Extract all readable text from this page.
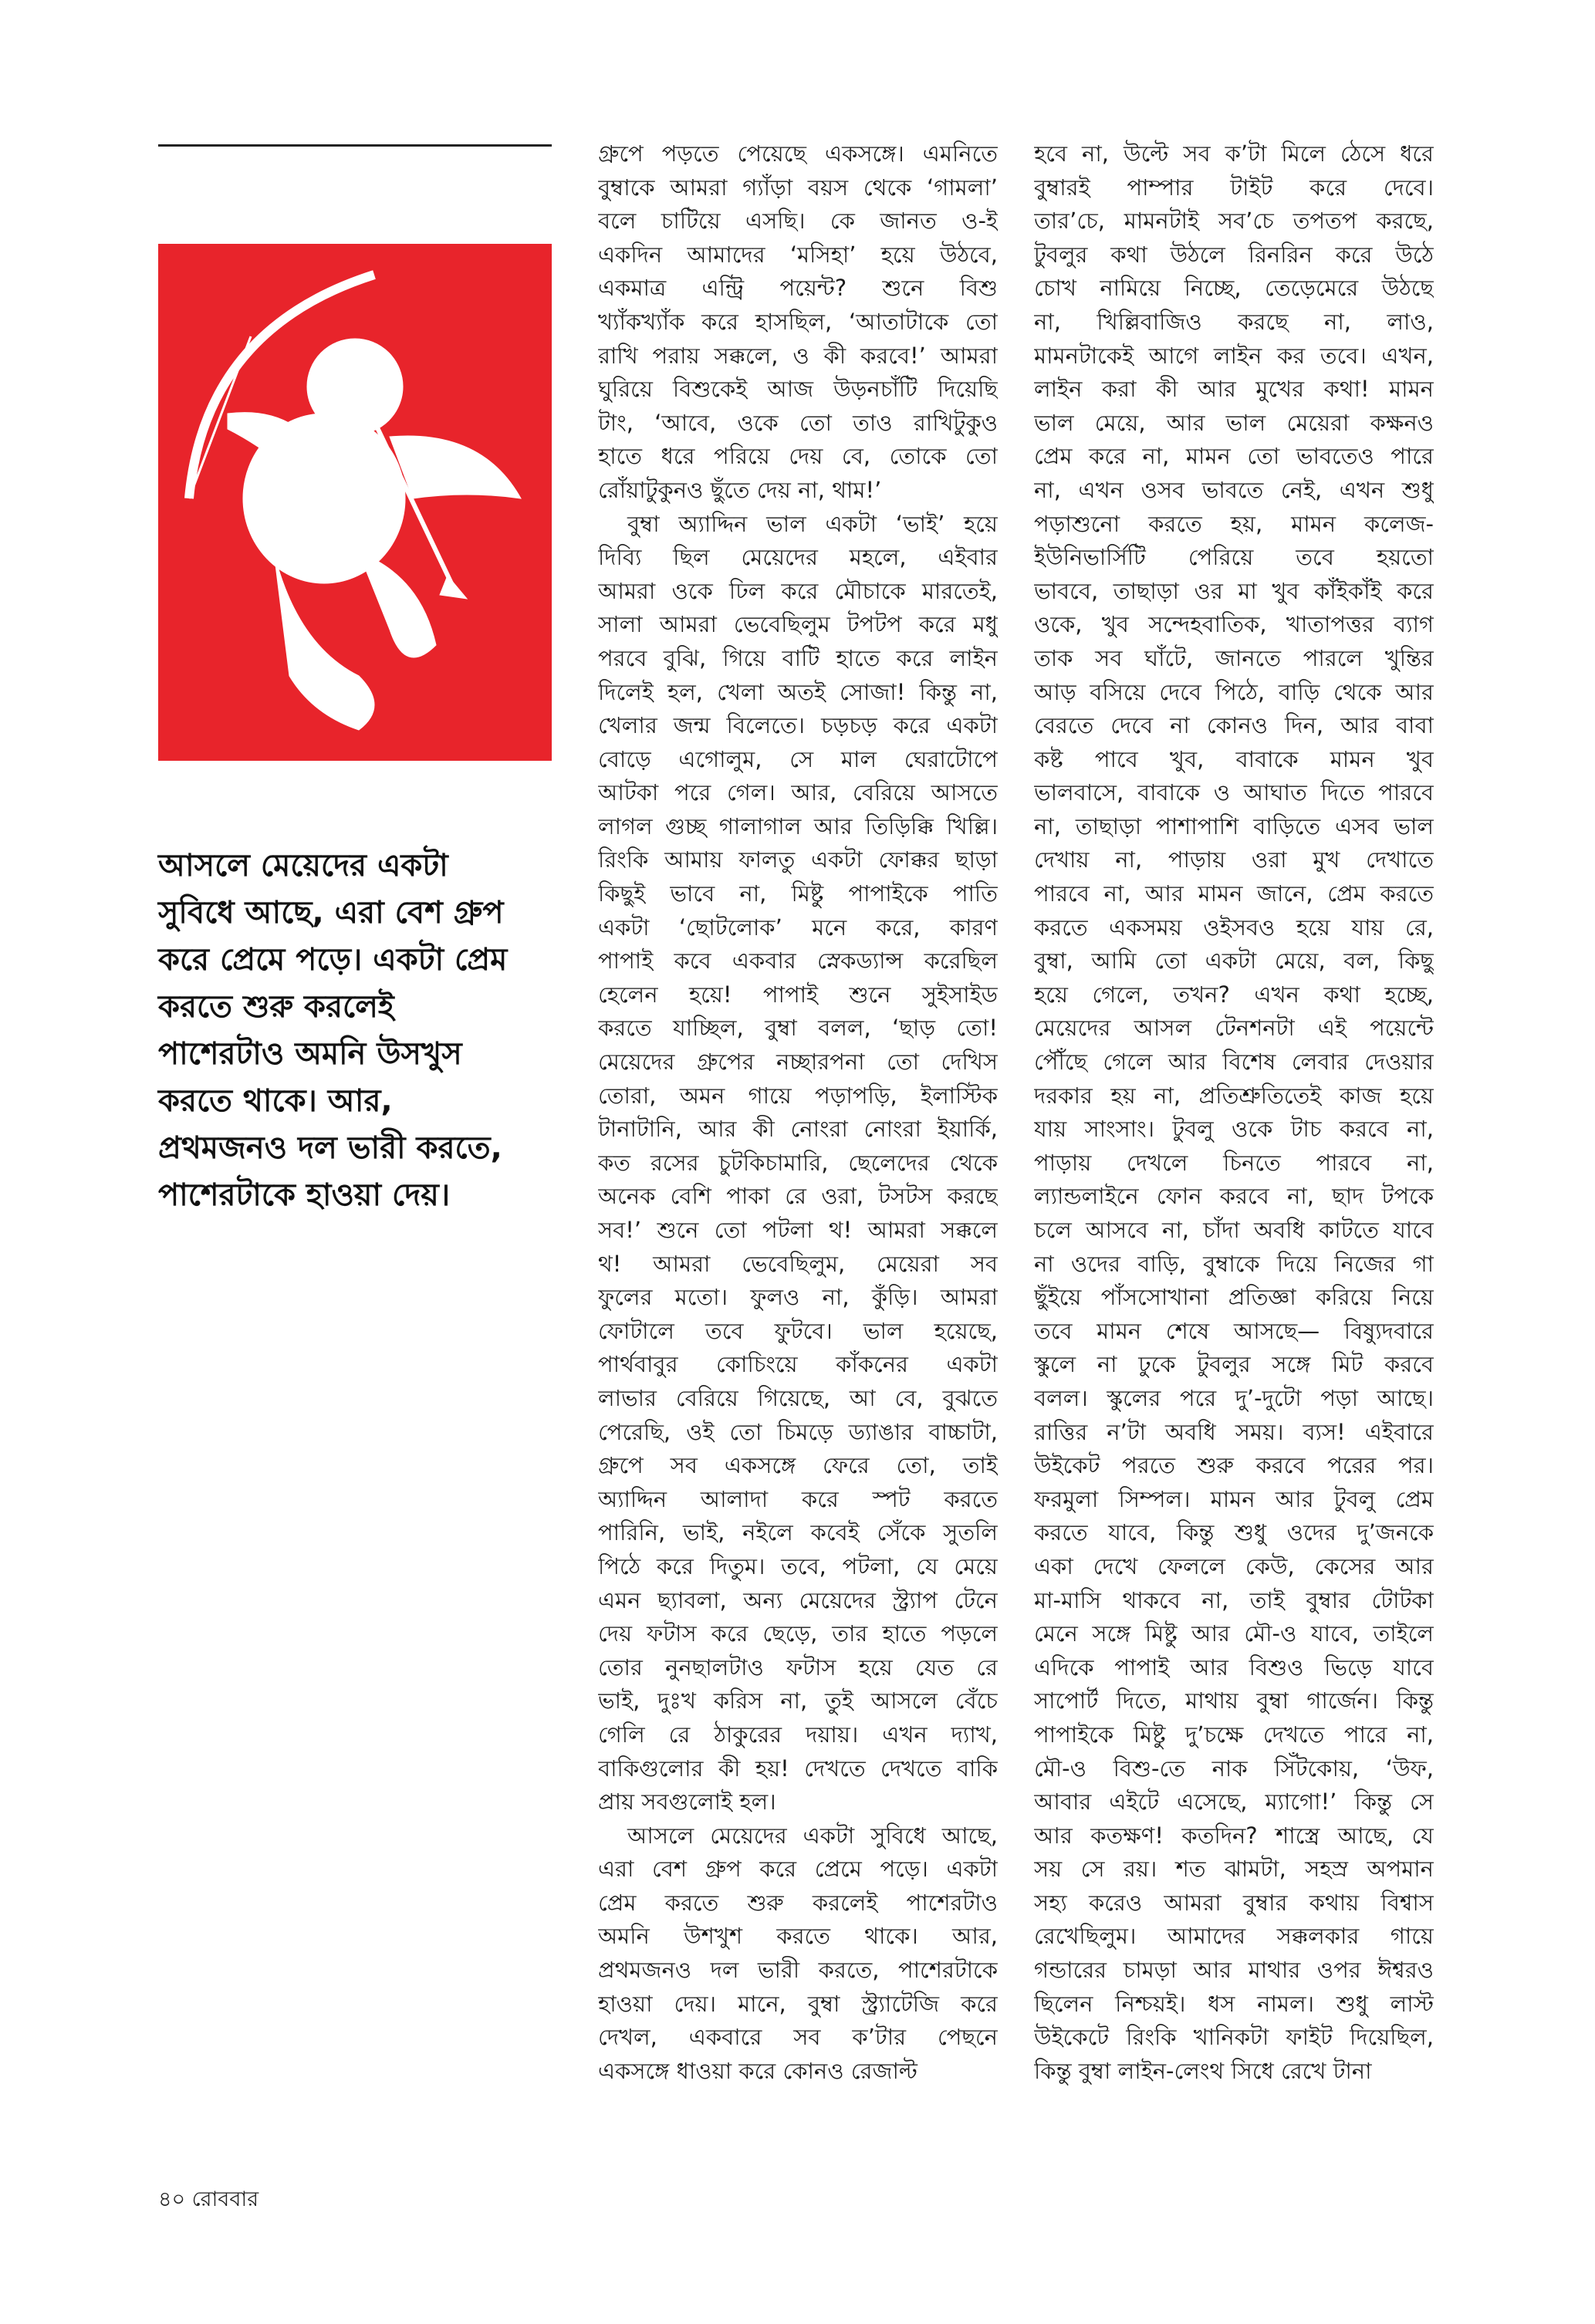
আসলে মেয়েদের একটা
সুবিধে আছে, এরা বেশ গ্রুপ
করে প্রেমে পড়ে। একটা প্রেম
করতে শুরু করলেই
পাশেরটাও অমনি উসখুস
করতে থাকে। আর,
প্রথমজনও দল ভারী করতে,
পাশেরটাকে হাওয়া দেয়।
গ্রুপে পড়তে পেয়েছে একসঙ্গে। এমনিতে
বুম্বাকে আমরা গ্যাঁড়া বয়স থেকে ‘গামলা’
বলে চাটিয়ে এসছি। কে জানত ও-ই
একদিন আমাদের ‘মসিহা’ হয়ে উঠবে,
একমাত্র এন্ট্রি পয়েন্ট? শুনে বিশু
খ্যাঁকখ্যাঁক করে হাসছিল, ‘আতাটাকে তো
রাখি পরায় সক্কলে, ও কী করবে!’ আমরা
ঘুরিয়ে বিশুকেই আজ উড়নচাঁটি দিয়েছি
টাং, ‘আবে, ওকে তো তাও রাখিটুকুও
হাতে ধরে পরিয়ে দেয় বে, তোকে তো
রোঁয়াটুকুনও ছুঁতে দেয় না, থাম!’
বুম্বা অ্যাদ্দিন ভাল একটা ‘ভাই’ হয়ে
দিব্যি ছিল মেয়েদের মহলে, এইবার
আমরা ওকে ঢিল করে মৌচাকে মারতেই,
সালা আমরা ভেবেছিলুম টপটপ করে মধু
পরবে বুঝি, গিয়ে বাটি হাতে করে লাইন
দিলেই হল, খেলা অতই সোজা! কিন্তু না,
খেলার জন্ম বিলেতে। চড়চড় করে একটা
বোড়ে এগোলুম, সে মাল ঘেরাটোপে
আটকা পরে গেল। আর, বেরিয়ে আসতে
লাগল গুচ্ছ গালাগাল আর তিড়িক্কি খিল্লি।
রিংকি আমায় ফালতু একটা ফোক্কর ছাড়া
কিছুই ভাবে না, মিষ্টু পাপাইকে পাতি
একটা ‘ছোটলোক’ মনে করে, কারণ
পাপাই কবে একবার স্নেকড্যান্স করেছিল
হেলেন হয়ে! পাপাই শুনে সুইসাইড
করতে যাচ্ছিল, বুম্বা বলল, ‘ছাড় তো!
মেয়েদের গ্রুপের নচ্ছারপনা তো দেখিস
তোরা, অমন গায়ে পড়াপড়ি, ইলাস্টিক
টানাটানি, আর কী নোংরা নোংরা ইয়ার্কি,
কত রসের চুটকিচামারি, ছেলেদের থেকে
অনেক বেশি পাকা রে ওরা, টসটস করছে
সব!’ শুনে তো পটলা থ! আমরা সক্কলে
থ! আমরা ভেবেছিলুম, মেয়েরা সব
ফুলের মতো। ফুলও না, কুঁড়ি। আমরা
ফোটালে তবে ফুটবে। ভাল হয়েছে,
পার্থবাবুর কোচিংয়ে কাঁকনের একটা
লাভার বেরিয়ে গিয়েছে, আ বে, বুঝতে
পেরেছি, ওই তো চিমড়ে ড্যাঙার বাচ্চাটা,
গ্রুপে সব একসঙ্গে ফেরে তো, তাই
অ্যাদ্দিন আলাদা করে স্পট করতে
পারিনি, ভাই, নইলে কবেই সেঁকে সুতলি
পিঠে করে দিতুম। তবে, পটলা, যে মেয়ে
এমন ছ্যাবলা, অন্য মেয়েদের স্ট্র্যাপ টেনে
দেয় ফটাস করে ছেড়ে, তার হাতে পড়লে
তোর নুনছালটাও ফটাস হয়ে যেত রে
ভাই, দুঃখ করিস না, তুই আসলে বেঁচে
গেলি রে ঠাকুরের দয়ায়। এখন দ্যাখ,
বাকিগুলোর কী হয়! দেখতে দেখতে বাকি
প্রায় সবগুলোই হল।
আসলে মেয়েদের একটা সুবিধে আছে,
এরা বেশ গ্রুপ করে প্রেমে পড়ে। একটা
প্রেম করতে শুরু করলেই পাশেরটাও
অমনি উশখুশ করতে থাকে। আর,
প্রথমজনও দল ভারী করতে, পাশেরটাকে
হাওয়া দেয়। মানে, বুম্বা স্ট্র্যাটেজি করে
দেখল, একবারে সব ক’টার পেছনে
একসঙ্গে ধাওয়া করে কোনও রেজাল্ট
হবে না, উল্টে সব ক’টা মিলে ঠেসে ধরে
বুম্বারই পাম্পার টাইট করে দেবে।
তার’চে, মামনটাই সব’চে তপতপ করছে,
টুবলুর কথা উঠলে রিনরিন করে উঠে
চোখ নামিয়ে নিচ্ছে, তেড়েমেরে উঠছে
না, খিল্লিবাজিও করছে না, লাও,
মামনটাকেই আগে লাইন কর তবে। এখন,
লাইন করা কী আর মুখের কথা! মামন
ভাল মেয়ে, আর ভাল মেয়েরা কক্ষনও
প্রেম করে না, মামন তো ভাবতেও পারে
না, এখন ওসব ভাবতে নেই, এখন শুধু
পড়াশুনো করতে হয়, মামন কলেজ-
ইউনিভার্সিটি পেরিয়ে তবে হয়তো
ভাববে, তাছাড়া ওর মা খুব কাঁইকাঁই করে
ওকে, খুব সন্দেহবাতিক, খাতাপত্তর ব্যাগ
তাক সব ঘাঁটে, জানতে পারলে খুন্তির
আড় বসিয়ে দেবে পিঠে, বাড়ি থেকে আর
বেরতে দেবে না কোনও দিন, আর বাবা
কষ্ট পাবে খুব, বাবাকে মামন খুব
ভালবাসে, বাবাকে ও আঘাত দিতে পারবে
না, তাছাড়া পাশাপাশি বাড়িতে এসব ভাল
দেখায় না, পাড়ায় ওরা মুখ দেখাতে
পারবে না, আর মামন জানে, প্রেম করতে
করতে একসময় ওইসবও হয়ে যায় রে,
বুম্বা, আমি তো একটা মেয়ে, বল, কিছু
হয়ে গেলে, তখন? এখন কথা হচ্ছে,
মেয়েদের আসল টেনশনটা এই পয়েন্টে
পৌঁছে গেলে আর বিশেষ লেবার দেওয়ার
দরকার হয় না, প্রতিশ্রুতিতেই কাজ হয়ে
যায় সাংসাং। টুবলু ওকে টাচ করবে না,
পাড়ায় দেখলে চিনতে পারবে না,
ল্যান্ডলাইনে ফোন করবে না, ছাদ টপকে
চলে আসবে না, চাঁদা অবধি কাটতে যাবে
না ওদের বাড়ি, বুম্বাকে দিয়ে নিজের গা
ছুঁইয়ে পাঁসসোখানা প্রতিজ্ঞা করিয়ে নিয়ে
তবে মামন শেষে আসছে— বিষ্যুদবারে
স্কুলে না ঢুকে টুবলুর সঙ্গে মিট করবে
বলল। স্কুলের পরে দু’-দুটো পড়া আছে।
রাত্তির ন’টা অবধি সময়। ব্যস! এইবারে
উইকেট পরতে শুরু করবে পরের পর।
ফরমুলা সিম্পল। মামন আর টুবলু প্রেম
করতে যাবে, কিন্তু শুধু ওদের দু’জনকে
একা দেখে ফেললে কেউ, কেসের আর
মা-মাসি থাকবে না, তাই বুম্বার টোটকা
মেনে সঙ্গে মিষ্টু আর মৌ-ও যাবে, তাইলে
এদিকে পাপাই আর বিশুও ভিড়ে যাবে
সাপোর্ট দিতে, মাথায় বুম্বা গার্জেন। কিন্তু
পাপাইকে মিষ্টু দু’চক্ষে দেখতে পারে না,
মৌ-ও বিশু-তে নাক সিঁটকোয়, ‘উফ,
আবার এইটে এসেছে, ম্যাগো!’ কিন্তু সে
আর কতক্ষণ! কতদিন? শাস্ত্রে আছে, যে
সয় সে রয়। শত ঝামটা, সহস্র অপমান
সহ্য করেও আমরা বুম্বার কথায় বিশ্বাস
রেখেছিলুম। আমাদের সক্কলকার গায়ে
গন্ডারের চামড়া আর মাথার ওপর ঈশ্বরও
ছিলেন নিশ্চয়ই। ধস নামল। শুধু লাস্ট
উইকেটে রিংকি খানিকটা ফাইট দিয়েছিল,
কিন্তু বুম্বা লাইন-লেংথ সিধে রেখে টানা
৪০ রোববার
